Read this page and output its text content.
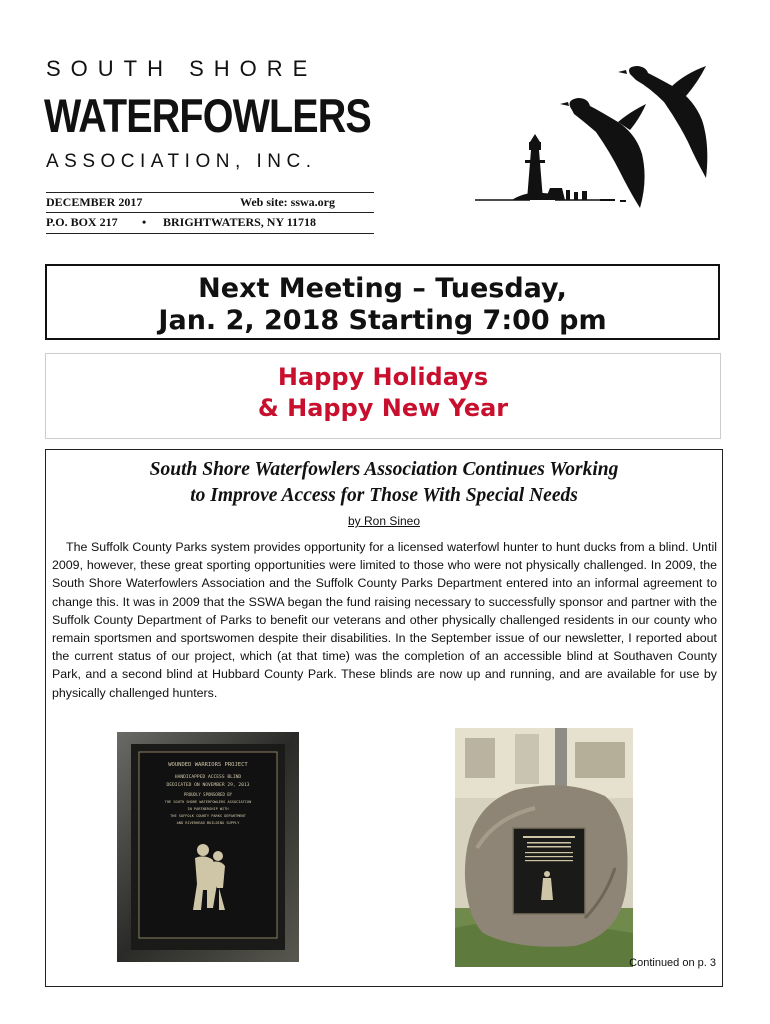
SOUTH SHORE
WATERFOWLERS
ASSOCIATION, INC.
DECEMBER 2017	Web site: sswa.org
P.O. BOX 217 • BRIGHTWATERS, NY 11718
Next Meeting – Tuesday,
Jan. 2, 2018 Starting 7:00 pm
Happy Holidays
& Happy New Year
South Shore Waterfowlers Association Continues Working
to Improve Access for Those With Special Needs
by Ron Sineo

The Suffolk County Parks system provides opportunity for a licensed waterfowl hunter to hunt ducks from a blind. Until 2009, however, these great sporting opportunities were limited to those who were not physically challenged. In 2009, the South Shore Waterfowlers Association and the Suffolk County Parks Department entered into an informal agreement to change this. It was in 2009 that the SSWA began the fund raising necessary to successfully sponsor and partner with the Suffolk County Department of Parks to benefit our veterans and other physically challenged residents in our county who remain sportsmen and sportswomen despite their disabilities. In the September issue of our newsletter, I reported about the current status of our project, which (at that time) was the completion of an accessible blind at Southaven County Park, and a second blind at Hubbard County Park. These blinds are now up and running, and are available for use by physically challenged hunters.

WOUNDED WARRIORS PROJECT
HANDICAPPED ACCESS BLIND
DEDICATED ON NOVEMBER 29, 2013
PROUDLY SPONSORED BY
THE SOUTH SHORE WATERFOWLERS ASSOCIATION
IN PARTNERSHIP WITH
THE SUFFOLK COUNTY PARKS DEPARTMENT
AND RIVERHEAD BUILDING SUPPLY
Continued on p. 3
